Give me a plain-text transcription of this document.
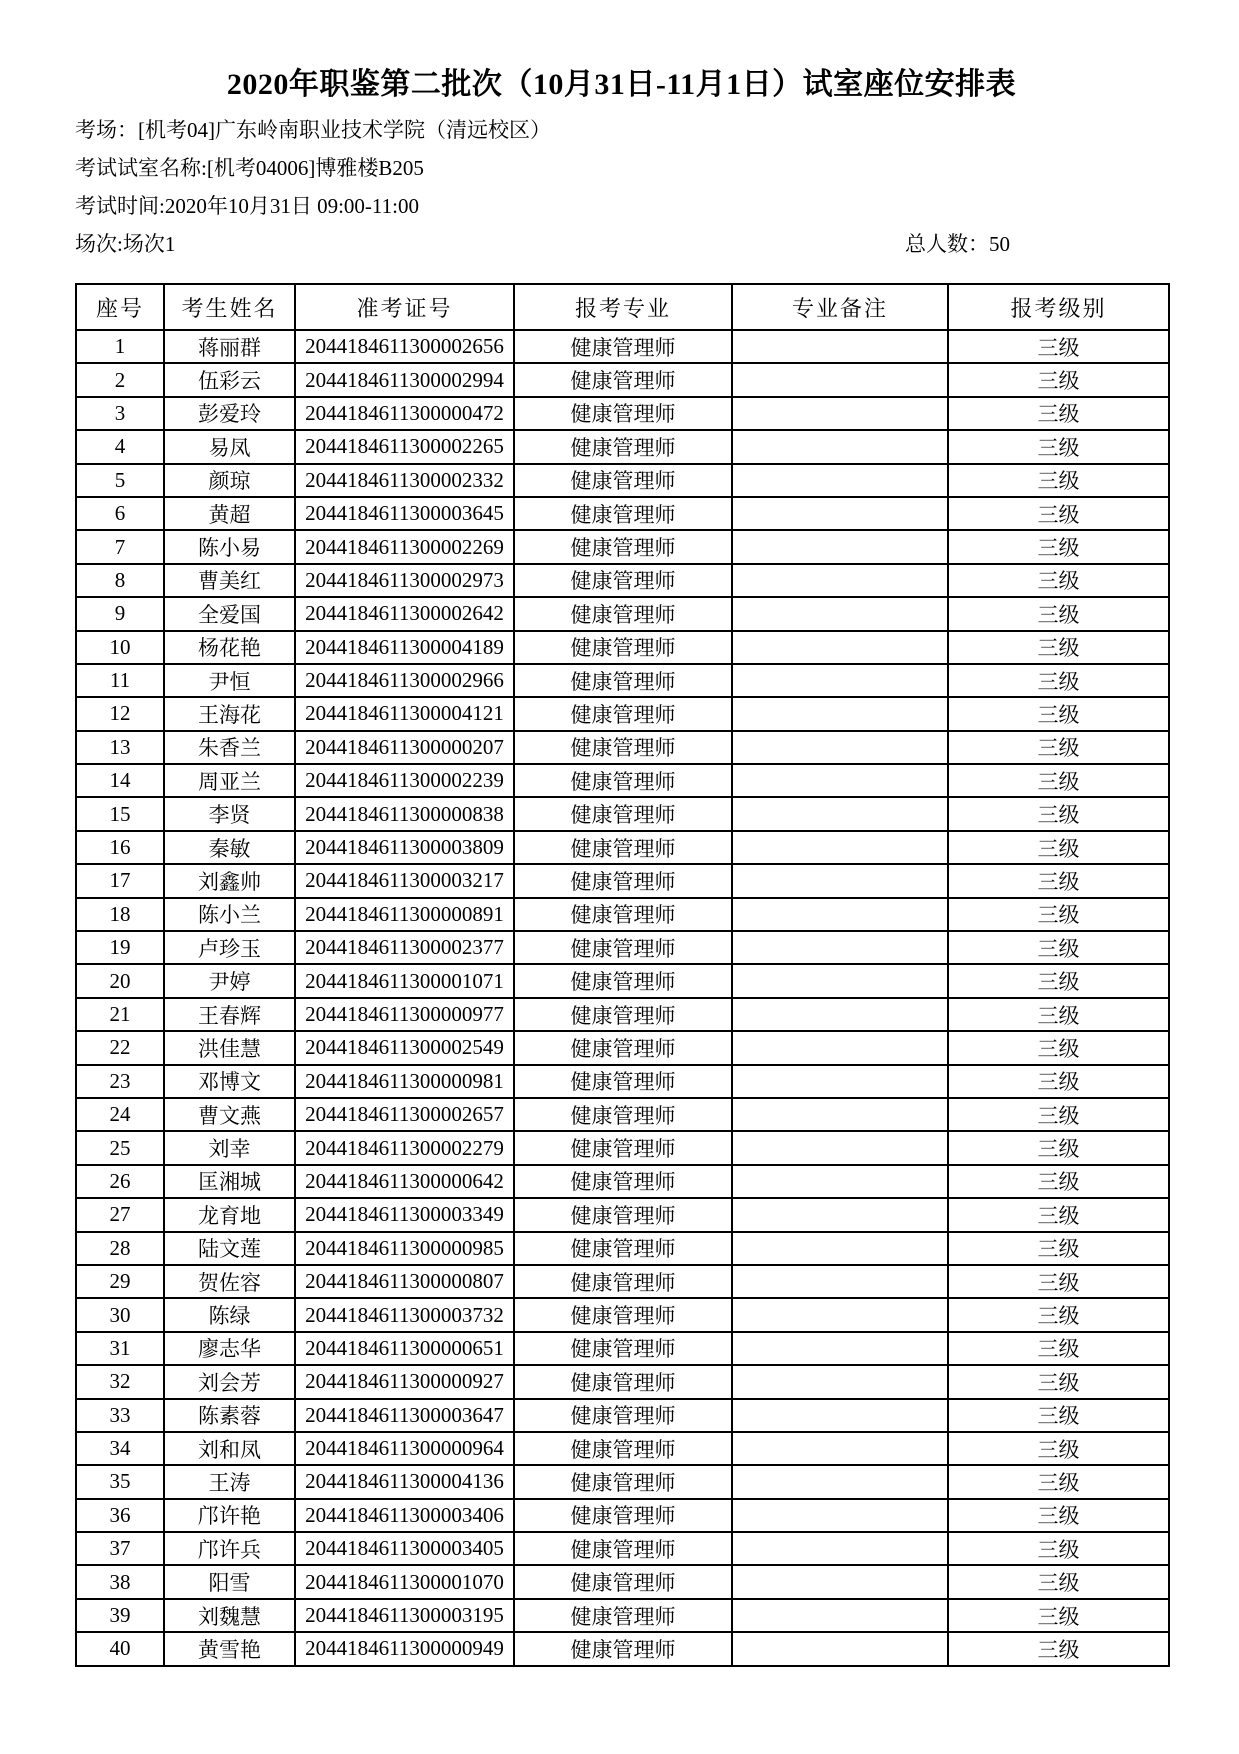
2020年职鉴第二批次（10月31日-11月1日）试室座位安排表
考场：[机考04]广东岭南职业技术学院（清远校区）
考试试室名称:[机考04006]博雅楼B205
考试时间:2020年10月31日 09:00-11:00
场次:场次1	总人数：50
座号	考生姓名	准考证号	报考专业	专业备注	报考级别
1	蒋丽群	2044184611300002656	健康管理师		三级
2	伍彩云	2044184611300002994	健康管理师		三级
3	彭爱玲	2044184611300000472	健康管理师		三级
4	易凤	2044184611300002265	健康管理师		三级
5	颜琼	2044184611300002332	健康管理师		三级
6	黄超	2044184611300003645	健康管理师		三级
7	陈小易	2044184611300002269	健康管理师		三级
8	曹美红	2044184611300002973	健康管理师		三级
9	全爱国	2044184611300002642	健康管理师		三级
10	杨花艳	2044184611300004189	健康管理师		三级
11	尹恒	2044184611300002966	健康管理师		三级
12	王海花	2044184611300004121	健康管理师		三级
13	朱香兰	2044184611300000207	健康管理师		三级
14	周亚兰	2044184611300002239	健康管理师		三级
15	李贤	2044184611300000838	健康管理师		三级
16	秦敏	2044184611300003809	健康管理师		三级
17	刘鑫帅	2044184611300003217	健康管理师		三级
18	陈小兰	2044184611300000891	健康管理师		三级
19	卢珍玉	2044184611300002377	健康管理师		三级
20	尹婷	2044184611300001071	健康管理师		三级
21	王春辉	2044184611300000977	健康管理师		三级
22	洪佳慧	2044184611300002549	健康管理师		三级
23	邓博文	2044184611300000981	健康管理师		三级
24	曹文燕	2044184611300002657	健康管理师		三级
25	刘幸	2044184611300002279	健康管理师		三级
26	匡湘城	2044184611300000642	健康管理师		三级
27	龙育地	2044184611300003349	健康管理师		三级
28	陆文莲	2044184611300000985	健康管理师		三级
29	贺佐容	2044184611300000807	健康管理师		三级
30	陈绿	2044184611300003732	健康管理师		三级
31	廖志华	2044184611300000651	健康管理师		三级
32	刘会芳	2044184611300000927	健康管理师		三级
33	陈素蓉	2044184611300003647	健康管理师		三级
34	刘和凤	2044184611300000964	健康管理师		三级
35	王涛	2044184611300004136	健康管理师		三级
36	邝许艳	2044184611300003406	健康管理师		三级
37	邝许兵	2044184611300003405	健康管理师		三级
38	阳雪	2044184611300001070	健康管理师		三级
39	刘魏慧	2044184611300003195	健康管理师		三级
40	黄雪艳	2044184611300000949	健康管理师		三级
